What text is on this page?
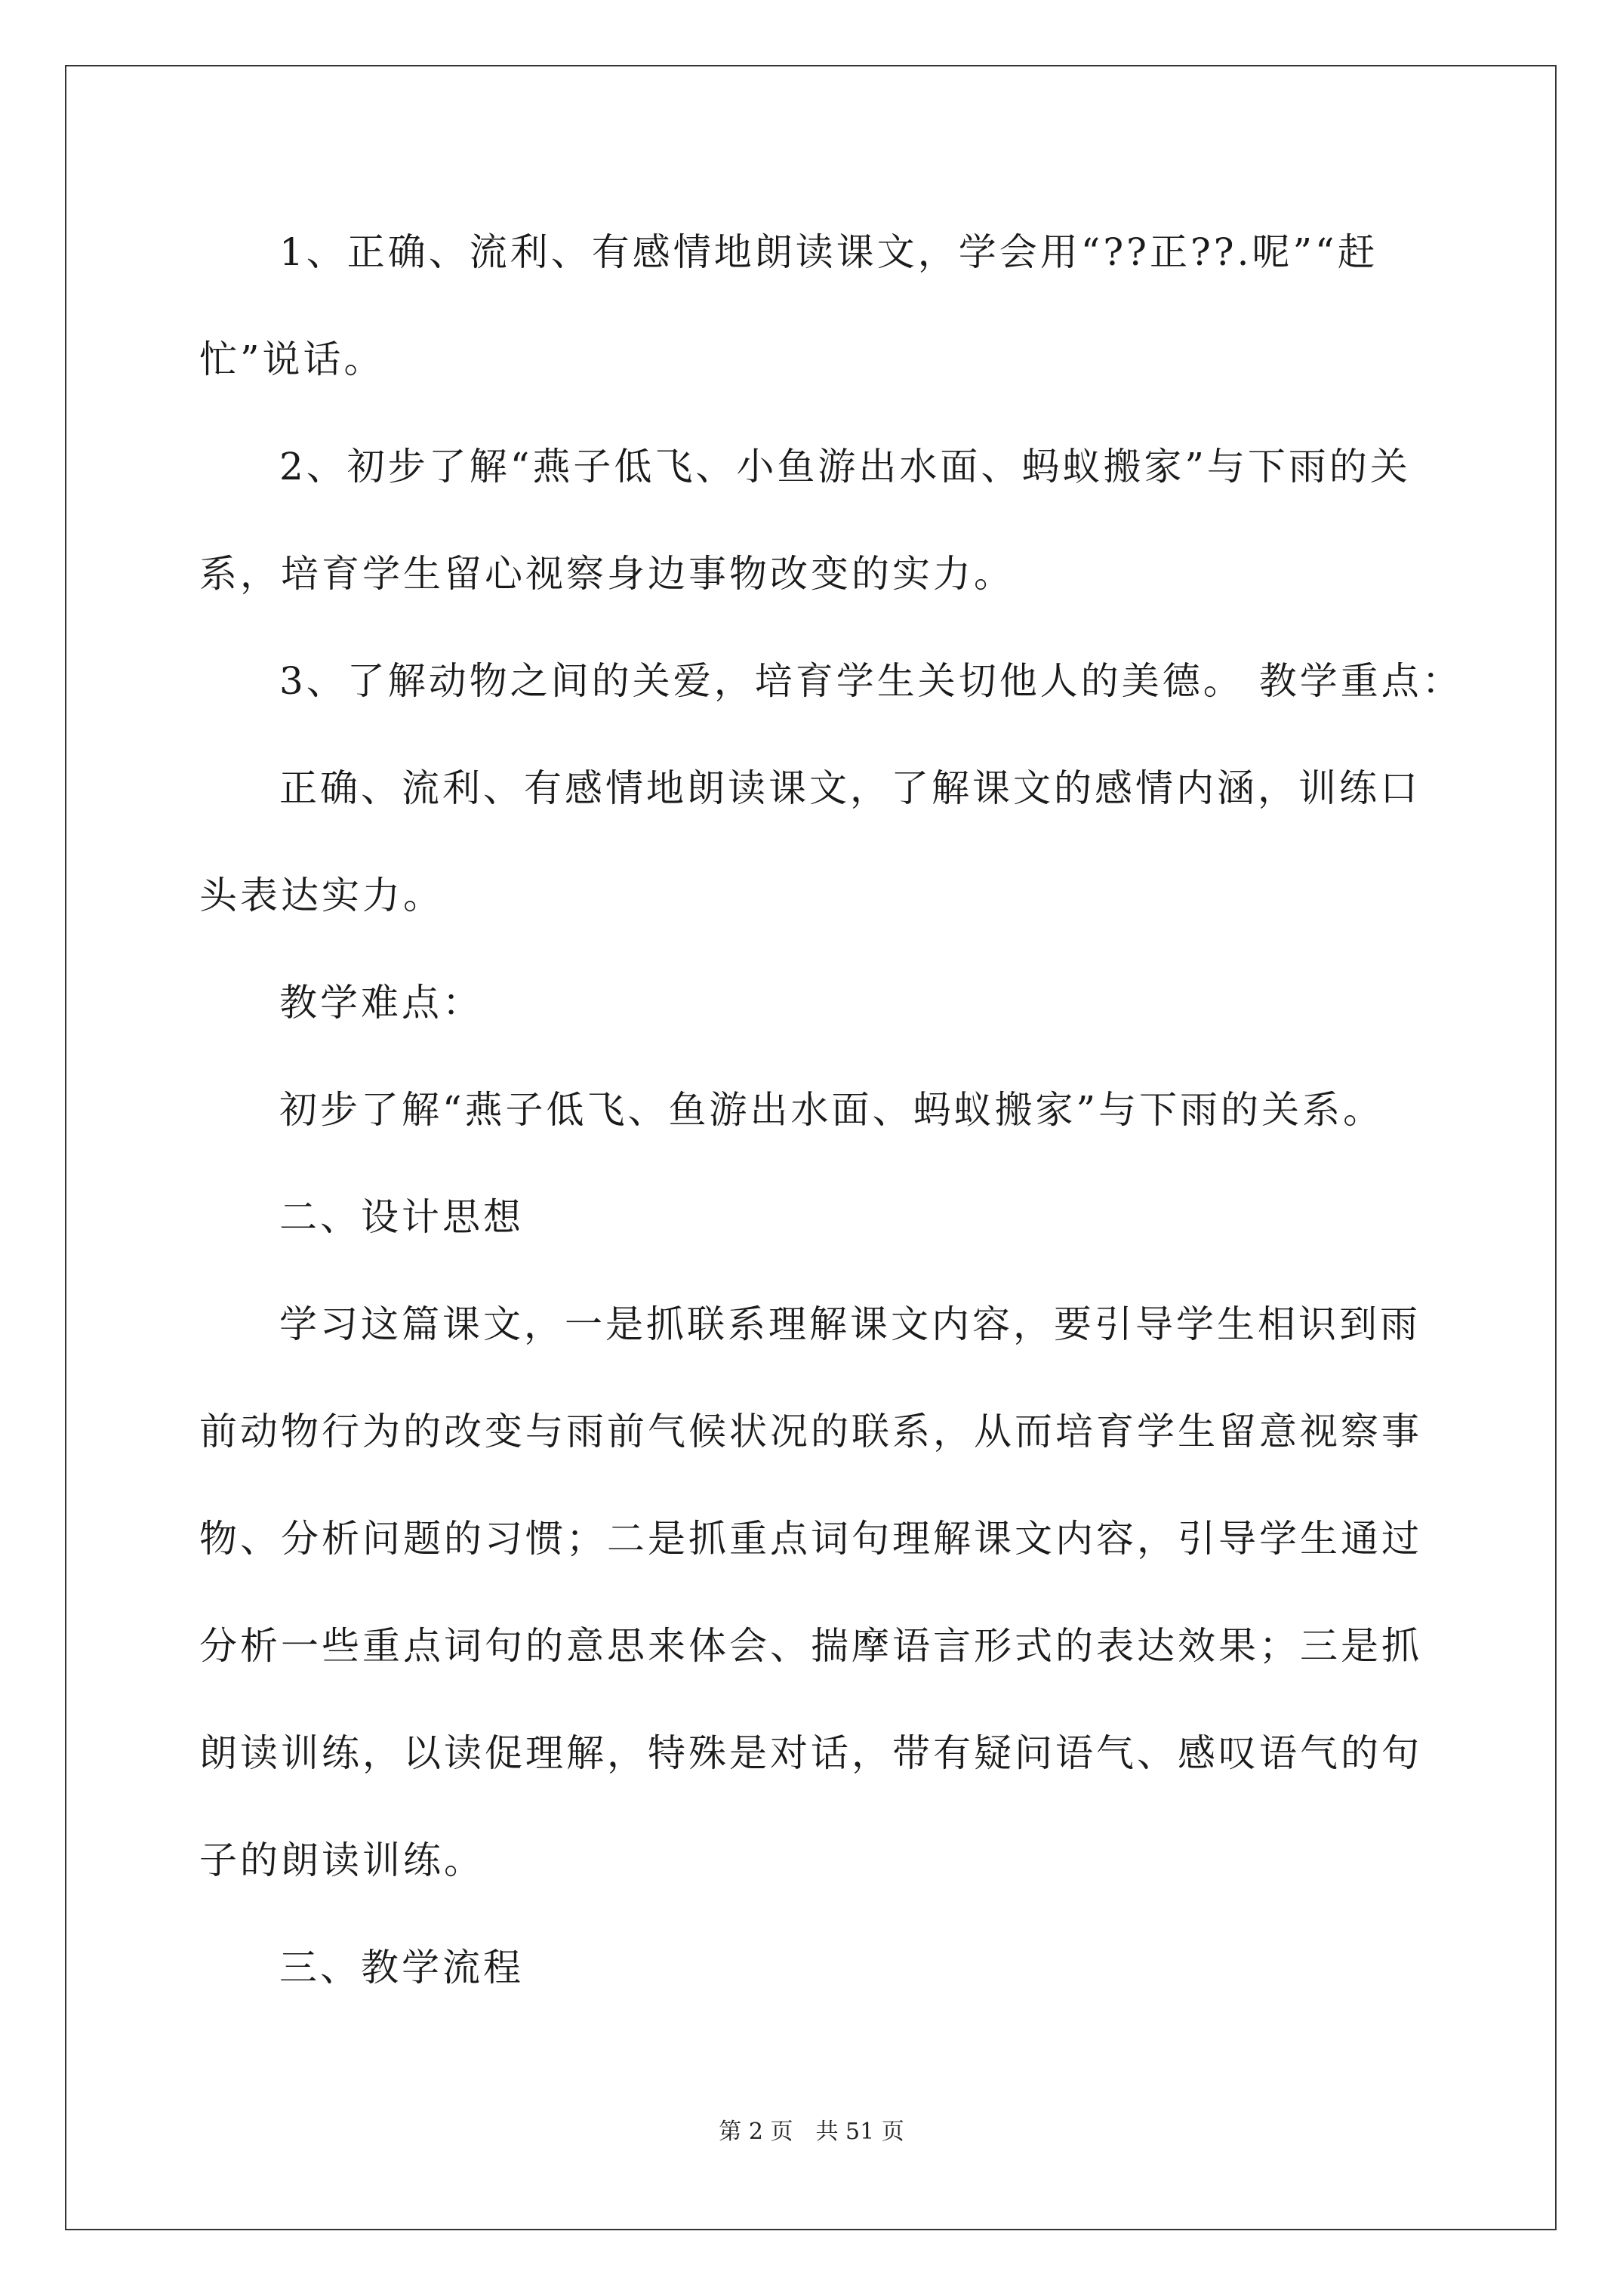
1、正确、流利、有感情地朗读课文，学会用“??正??.呢”“赶
忙”说话。
2、初步了解“燕子低飞、小鱼游出水面、蚂蚁搬家”与下雨的关
系，培育学生留心视察身边事物改变的实力。
3、了解动物之间的关爱，培育学生关切他人的美德。 教学重点：
正确、流利、有感情地朗读课文，了解课文的感情内涵，训练口
头表达实力。
教学难点：
初步了解“燕子低飞、鱼游出水面、蚂蚁搬家”与下雨的关系。
二、设计思想
学习这篇课文，一是抓联系理解课文内容，要引导学生相识到雨
前动物行为的改变与雨前气候状况的联系，从而培育学生留意视察事
物、分析问题的习惯；二是抓重点词句理解课文内容，引导学生通过
分析一些重点词句的意思来体会、揣摩语言形式的表达效果；三是抓
朗读训练，以读促理解，特殊是对话，带有疑问语气、感叹语气的句
子的朗读训练。
三、教学流程
第 2 页　共 51 页
